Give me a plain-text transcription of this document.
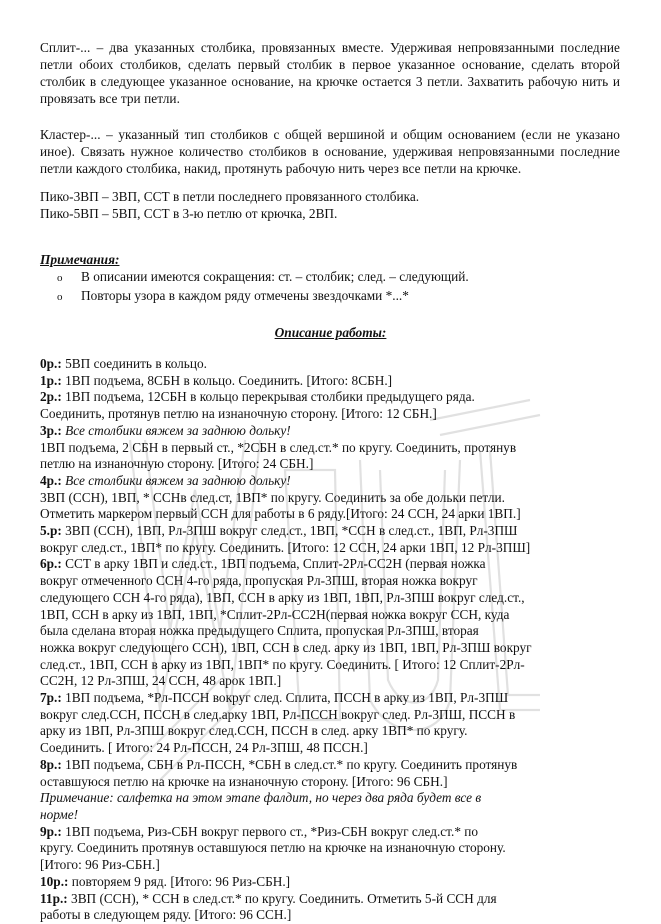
Сплит-... – два указанных столбика, провязанных вместе. Удерживая непровязанными последние петли обоих столбиков, сделать первый столбик в первое указанное основание, сделать второй столбик в следующее указанное основание, на крючке остается 3 петли. Захватить рабочую нить и провязать все три петли.

Кластер-... – указанный тип столбиков с общей вершиной и общим основанием (если не указано иное). Связать нужное количество столбиков в основание, удерживая непровязанными последние петли каждого столбика, накид, протянуть рабочую нить через все петли на крючке.

Пико-3ВП – 3ВП, ССТ в петли последнего провязанного столбика.
Пико-5ВП – 5ВП, ССТ в 3-ю петлю от крючка, 2ВП.
Примечания:
o В описании имеются сокращения: ст. – столбик; след. – следующий.
o Повторы узора в каждом ряду отмечены звездочками *...*
Описание работы:
0р.: 5ВП соединить в кольцо.
1р.: 1ВП подъема, 8СБН в кольцо. Соединить. [Итого: 8СБН.]
2р.: 1ВП подъема, 12СБН в кольцо перекрывая столбики предыдущего ряда.
Соединить, протянув петлю на изнаночную сторону. [Итого: 12 СБН.]
3р.: Все столбики вяжем за заднюю дольку!
1ВП подъема, 2 СБН в первый ст., *2СБН в след.ст.* по кругу. Соединить, протянув
петлю на изнаночную сторону. [Итого: 24 СБН.]
4р.: Все столбики вяжем за заднюю дольку!
3ВП (ССН), 1ВП, * ССНв след.ст, 1ВП* по кругу. Соединить за обе дольки петли.
Отметить маркером первый ССН для работы в 6 ряду.[Итого: 24 ССН, 24 арки 1ВП.]
5.р: 3ВП (ССН), 1ВП, Рл-3ПШ вокруг след.ст., 1ВП, *ССН в след.ст., 1ВП, Рл-3ПШ
вокруг след.ст., 1ВП* по кругу. Соединить. [Итого: 12 ССН, 24 арки 1ВП, 12 Рл-3ПШ]
6р.: ССТ в арку 1ВП и след.ст., 1ВП подъема, Сплит-2Рл-СС2Н (первая ножка
вокруг отмеченного ССН 4-го ряда, пропуская Рл-3ПШ, вторая ножка вокруг
следующего ССН 4-го ряда), 1ВП, ССН в арку из 1ВП, 1ВП, Рл-3ПШ вокруг след.ст.,
1ВП, ССН в арку из 1ВП, 1ВП, *Сплит-2Рл-СС2Н(первая ножка вокруг ССН, куда
была сделана вторая ножка предыдущего Сплита, пропуская Рл-3ПШ, вторая
ножка вокруг следующего ССН), 1ВП, ССН в след. арку из 1ВП, 1ВП, Рл-3ПШ вокруг
след.ст., 1ВП, ССН в арку из 1ВП, 1ВП* по кругу. Соединить. [ Итого: 12 Сплит-2Рл-
СС2Н, 12 Рл-3ПШ, 24 ССН, 48 арок 1ВП.]
7р.: 1ВП подъема, *Рл-ПССН вокруг след. Сплита, ПССН в арку из 1ВП, Рл-3ПШ
вокруг след.ССН, ПССН в след.арку 1ВП, Рл-ПССН вокруг след. Рл-3ПШ, ПССН в
арку из 1ВП, Рл-3ПШ вокруг след.ССН, ПССН в след. арку 1ВП* по кругу.
Соединить. [ Итого: 24 Рл-ПССН, 24 Рл-3ПШ, 48 ПССН.]
8р.: 1ВП подъема, СБН в Рл-ПССН, *СБН в след.ст.* по кругу. Соединить протянув
оставшуюся петлю на крючке на изнаночную сторону. [Итого: 96 СБН.]
Примечание: салфетка на этом этапе фалдит, но через два ряда будет все в
норме!
9р.: 1ВП подъема, Риз-СБН вокруг первого ст., *Риз-СБН вокруг след.ст.* по
кругу. Соединить протянув оставшуюся петлю на крючке на изнаночную сторону.
[Итого: 96 Риз-СБН.]
10р.: повторяем 9 ряд. [Итого: 96 Риз-СБН.]
11р.: 3ВП (ССН), * ССН в след.ст.* по кругу. Соединить. Отметить 5-й ССН для
работы в следующем ряду. [Итого: 96 ССН.]
